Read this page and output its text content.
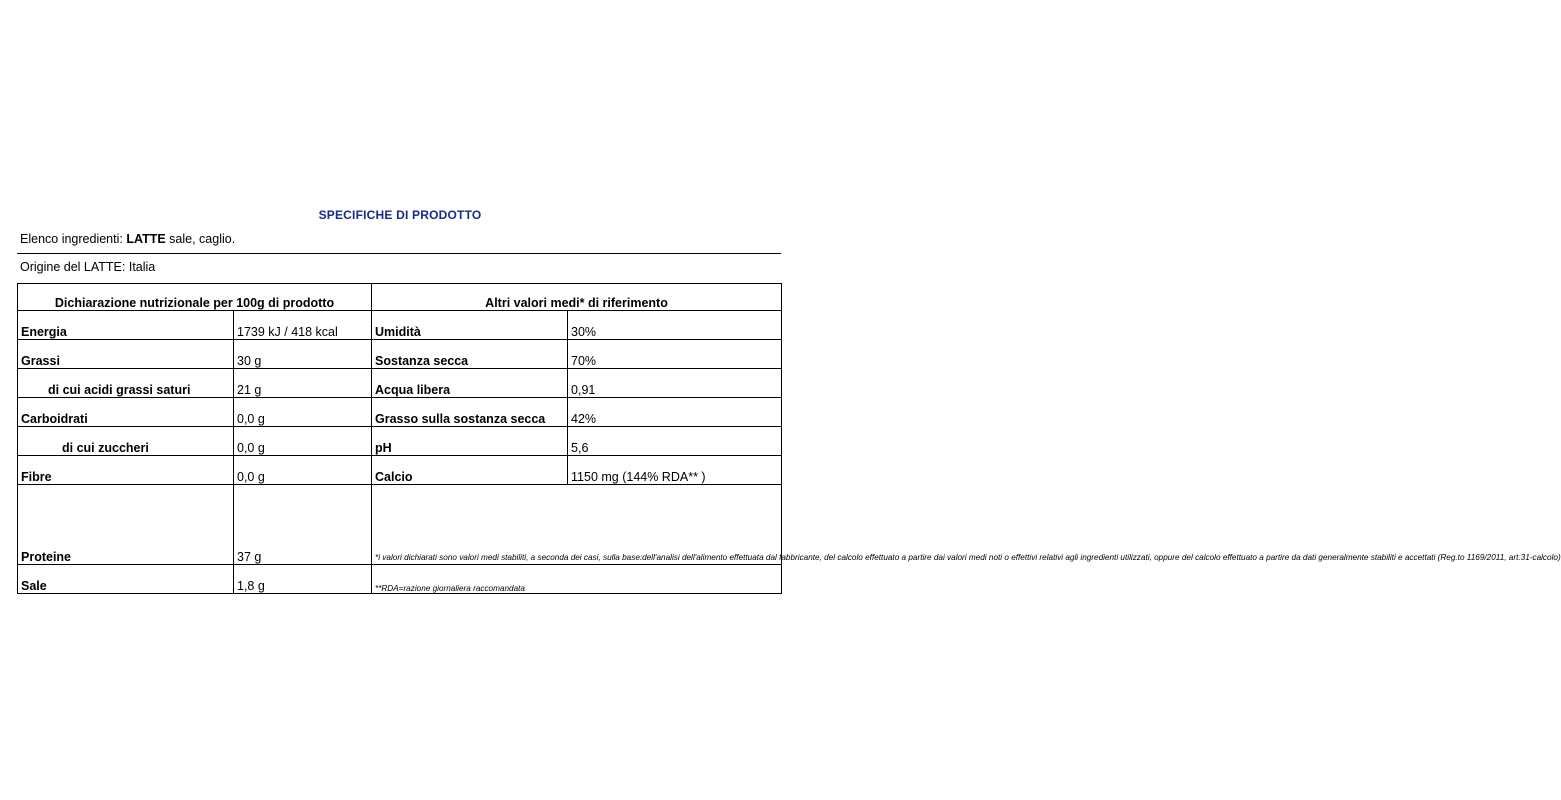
SPECIFICHE DI PRODOTTO
Elenco ingredienti: LATTE sale, caglio.
Origine del LATTE: Italia
Dichiarazione nutrizionale per 100g di prodotto		Altri valori medi* di riferimento	
Energia	1739 kJ / 418 kcal	Umidità	30%
Grassi	30 g	Sostanza secca	70%
di cui acidi grassi saturi	21 g	Acqua libera	0,91
Carboidrati	0,0 g	Grasso sulla sostanza secca	42%
di cui zuccheri	0,0 g	pH	5,6
Fibre	0,0 g	Calcio	1150 mg (144% RDA** )
Proteine	37 g	*i valori dichiarati sono valori medi stabiliti, a seconda dei casi, sulla base:dell'analisi dell'alimento effettuata dal fabbricante, del calcolo effettuato a partire dai valori medi noti o effettivi relativi agli ingredienti utilizzati, oppure del calcolo effettuato a partire da dati generalmente stabiliti e accettati (Reg.to 1169/2011, art.31-calcolo)	
Sale	1,8 g	**RDA=razione giornaliera raccomandata	
